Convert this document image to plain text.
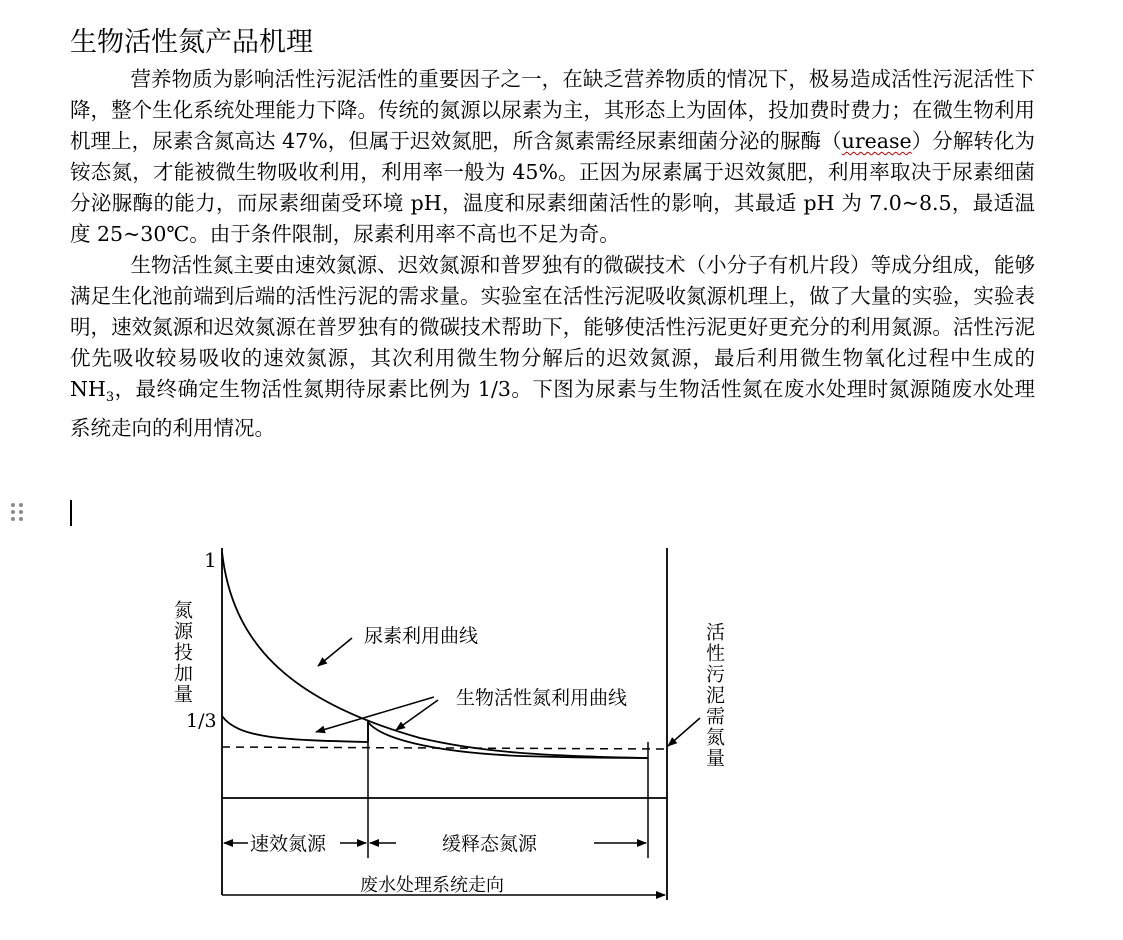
生物活性氮产品机理

营养物质为影响活性污泥活性的重要因子之一，在缺乏营养物质的情况下，极易造成活性污泥活性下降，整个生化系统处理能力下降。传统的氮源以尿素为主，其形态上为固体，投加费时费力；在微生物利用机理上，尿素含氮高达 47%，但属于迟效氮肥，所含氮素需经尿素细菌分泌的脲酶（urease）分解转化为铵态氮，才能被微生物吸收利用，利用率一般为 45%。正因为尿素属于迟效氮肥，利用率取决于尿素细菌分泌脲酶的能力，而尿素细菌受环境 pH，温度和尿素细菌活性的影响，其最适 pH 为 7.0~8.5，最适温度 25~30℃。由于条件限制，尿素利用率不高也不足为奇。

生物活性氮主要由速效氮源、迟效氮源和普罗独有的微碳技术（小分子有机片段）等成分组成，能够满足生化池前端到后端的活性污泥的需求量。实验室在活性污泥吸收氮源机理上，做了大量的实验，实验表明，速效氮源和迟效氮源在普罗独有的微碳技术帮助下，能够使活性污泥更好更充分的利用氮源。活性污泥优先吸收较易吸收的速效氮源，其次利用微生物分解后的迟效氮源，最后利用微生物氧化过程中生成的 $NH_3$，最终确定生物活性氮期待尿素比例为 1/3。下图为尿素与生物活性氮在废水处理时氮源随废水处理系统走向的利用情况。

1
1/3
氮源投加量	活性污泥需氮量
尿素利用曲线
生物活性氮利用曲线
速效氮源	缓释态氮源
废水处理系统走向
